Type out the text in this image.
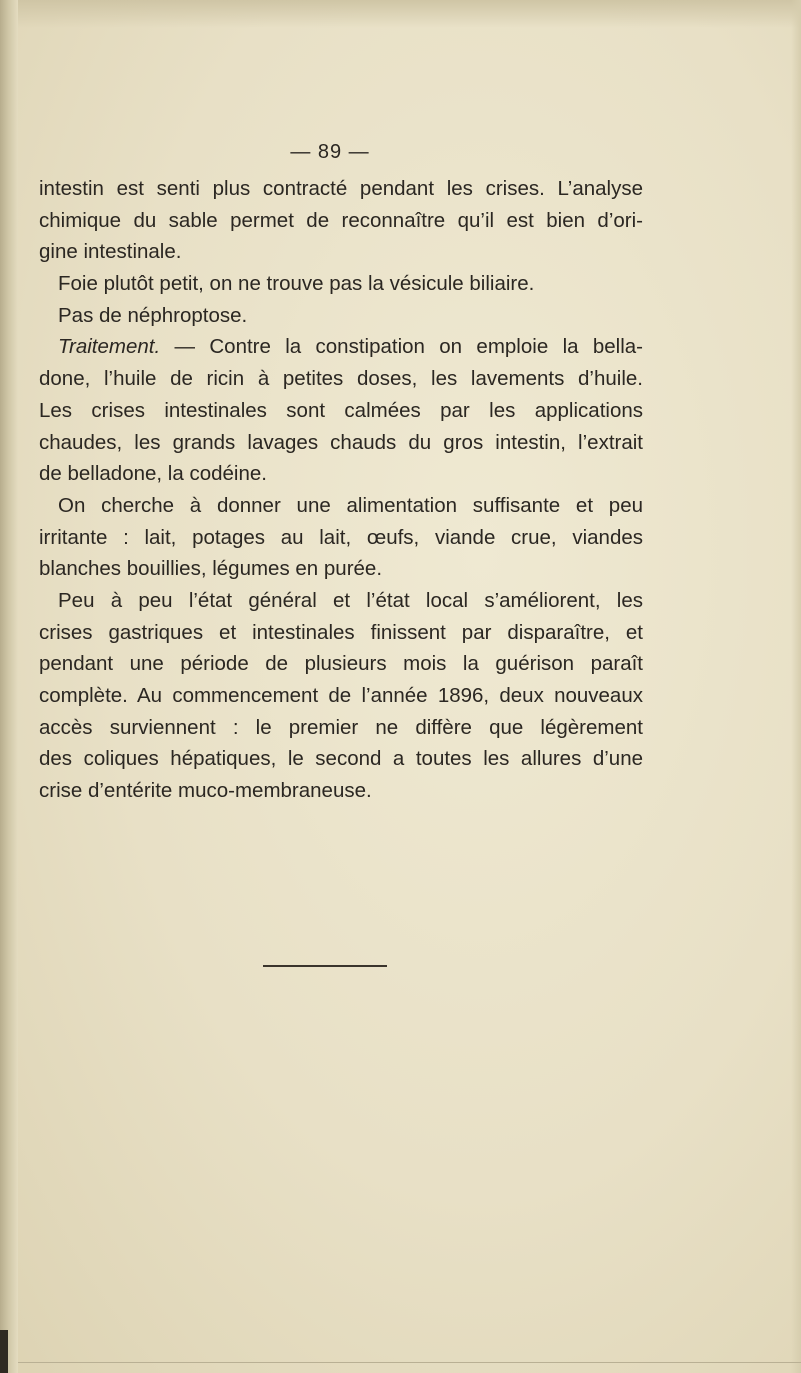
— 89 —
intestin est senti plus contracté pendant les crises. L’analyse
chimique du sable permet de reconnaître qu’il est bien d’ori-
gine intestinale.
Foie plutôt petit, on ne trouve pas la vésicule biliaire.
Pas de néphroptose.
Traitement. — Contre la constipation on emploie la bella-
done, l’huile de ricin à petites doses, les lavements d’huile.
Les crises intestinales sont calmées par les applications
chaudes, les grands lavages chauds du gros intestin, l’extrait
de belladone, la codéine.
On cherche à donner une alimentation suffisante et peu
irritante : lait, potages au lait, œufs, viande crue, viandes
blanches bouillies, légumes en purée.
Peu à peu l’état général et l’état local s’améliorent, les
crises gastriques et intestinales finissent par disparaître, et
pendant une période de plusieurs mois la guérison paraît
complète. Au commencement de l’année 1896, deux nouveaux
accès surviennent : le premier ne diffère que légèrement
des coliques hépatiques, le second a toutes les allures d’une
crise d’entérite muco-membraneuse.
